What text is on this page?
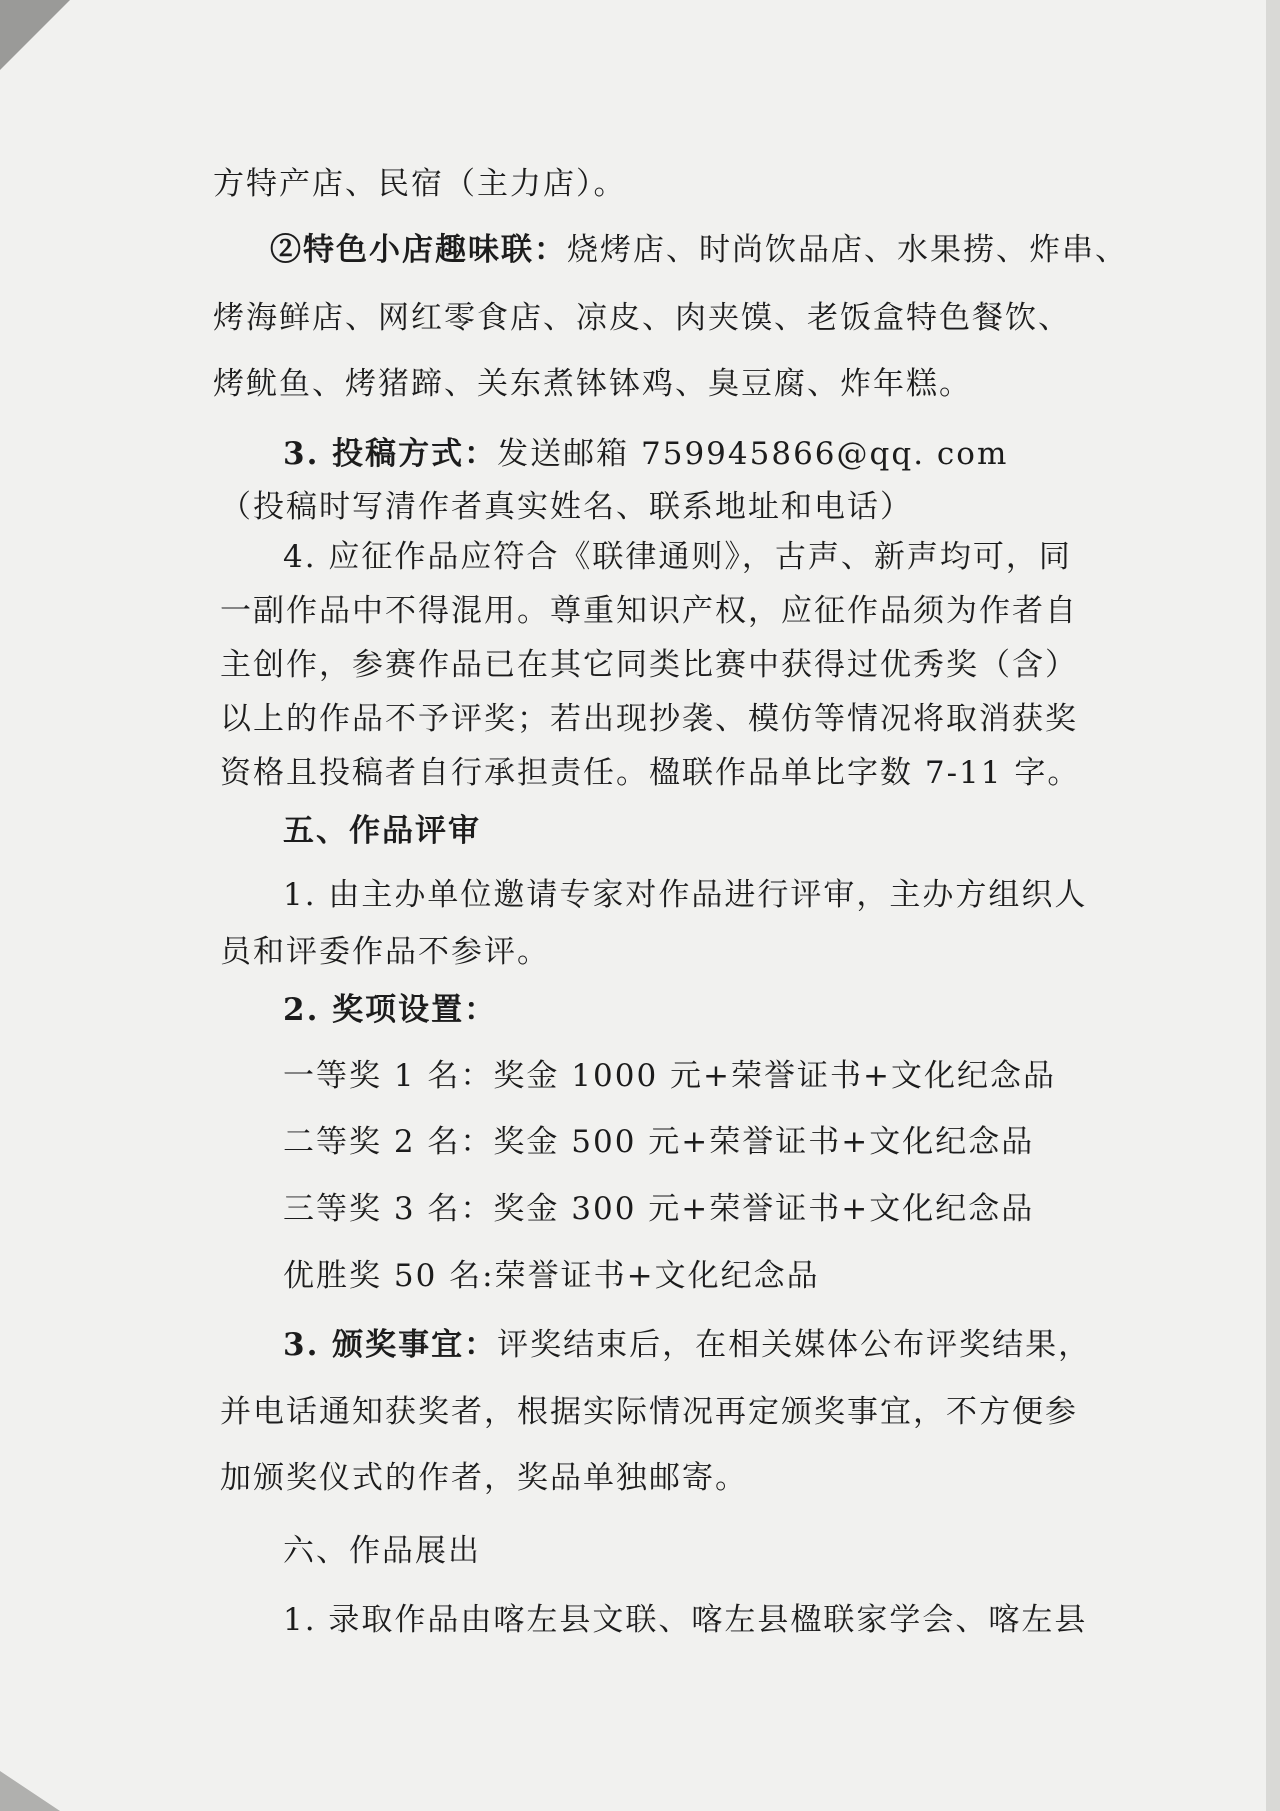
方特产店、民宿（主力店）。

②特色小店趣味联：烧烤店、时尚饮品店、水果捞、炸串、

烤海鲜店、网红零食店、凉皮、肉夹馍、老饭盒特色餐饮、

烤鱿鱼、烤猪蹄、关东煮钵钵鸡、臭豆腐、炸年糕。

3. 投稿方式：发送邮箱 759945866@qq. com

（投稿时写清作者真实姓名、联系地址和电话）

4. 应征作品应符合《联律通则》，古声、新声均可，同

一副作品中不得混用。尊重知识产权，应征作品须为作者自

主创作，参赛作品已在其它同类比赛中获得过优秀奖（含）

以上的作品不予评奖；若出现抄袭、模仿等情况将取消获奖

资格且投稿者自行承担责任。楹联作品单比字数 7-11 字。

五、作品评审

1. 由主办单位邀请专家对作品进行评审，主办方组织人

员和评委作品不参评。

2. 奖项设置：

一等奖 1 名：奖金 1000 元+荣誉证书+文化纪念品

二等奖 2 名：奖金 500 元+荣誉证书+文化纪念品

三等奖 3 名：奖金 300 元+荣誉证书+文化纪念品

优胜奖 50 名:荣誉证书+文化纪念品

3. 颁奖事宜：评奖结束后，在相关媒体公布评奖结果，

并电话通知获奖者，根据实际情况再定颁奖事宜，不方便参

加颁奖仪式的作者，奖品单独邮寄。

六、作品展出

1. 录取作品由喀左县文联、喀左县楹联家学会、喀左县
